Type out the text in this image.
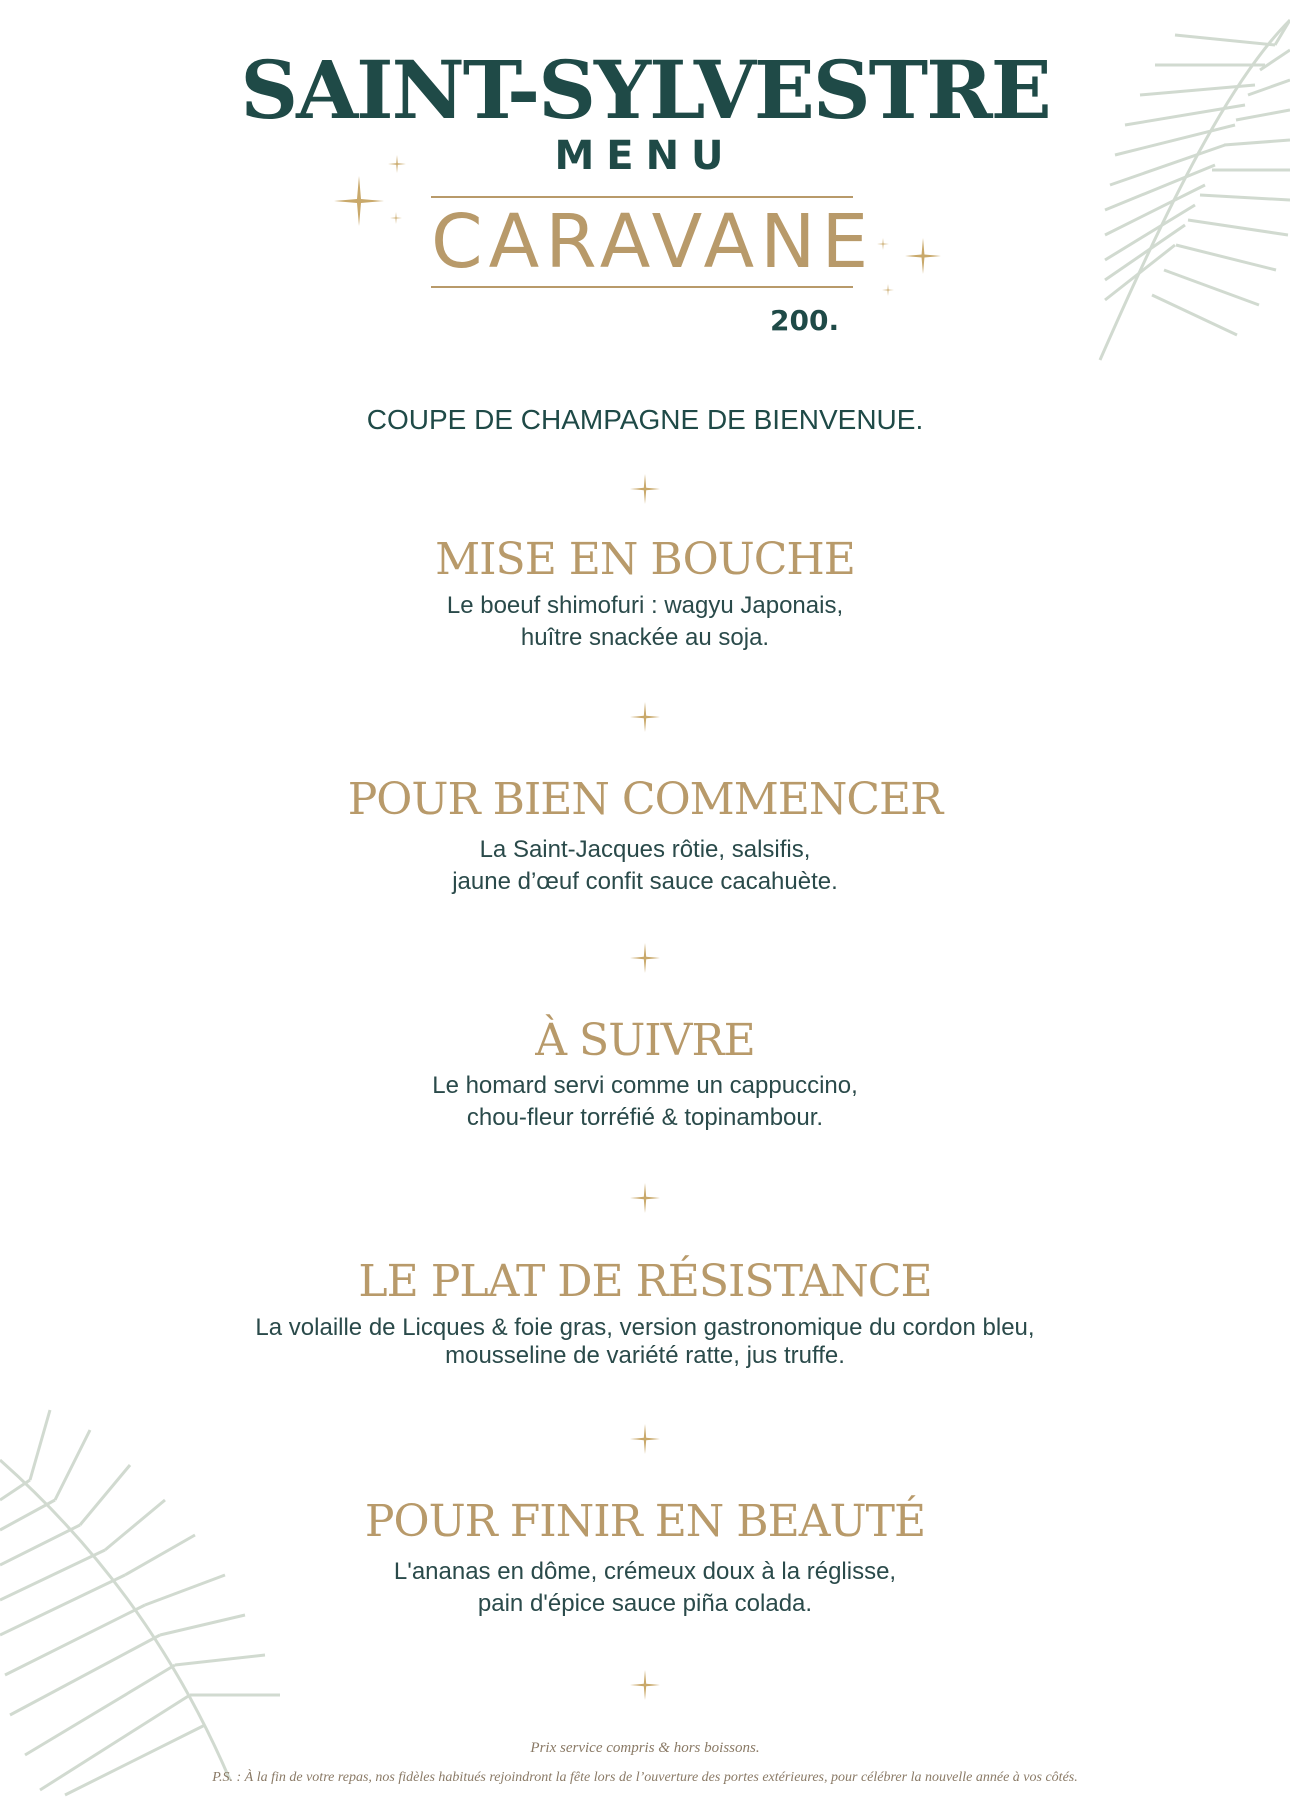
SAINT-SYLVESTRE
MENU
CARAVANE
200.
COUPE DE CHAMPAGNE DE BIENVENUE.
MISE EN BOUCHE
Le boeuf shimofuri : wagyu Japonais,
huître snackée au soja.
POUR BIEN COMMENCER
La Saint-Jacques rôtie, salsifis,
jaune d’œuf confit sauce cacahuète.
À SUIVRE
Le homard servi comme un cappuccino,
chou-fleur torréfié & topinambour.
LE PLAT DE RÉSISTANCE
La volaille de Licques & foie gras, version gastronomique du cordon bleu,
mousseline de variété ratte, jus truffe.
POUR FINIR EN BEAUTÉ
L'ananas en dôme, crémeux doux à la réglisse,
pain d'épice sauce piña colada.
Prix service compris & hors boissons.
P.S. : À la fin de votre repas, nos fidèles habitués rejoindront la fête lors de l’ouverture des portes extérieures, pour célébrer la nouvelle année à vos côtés.
